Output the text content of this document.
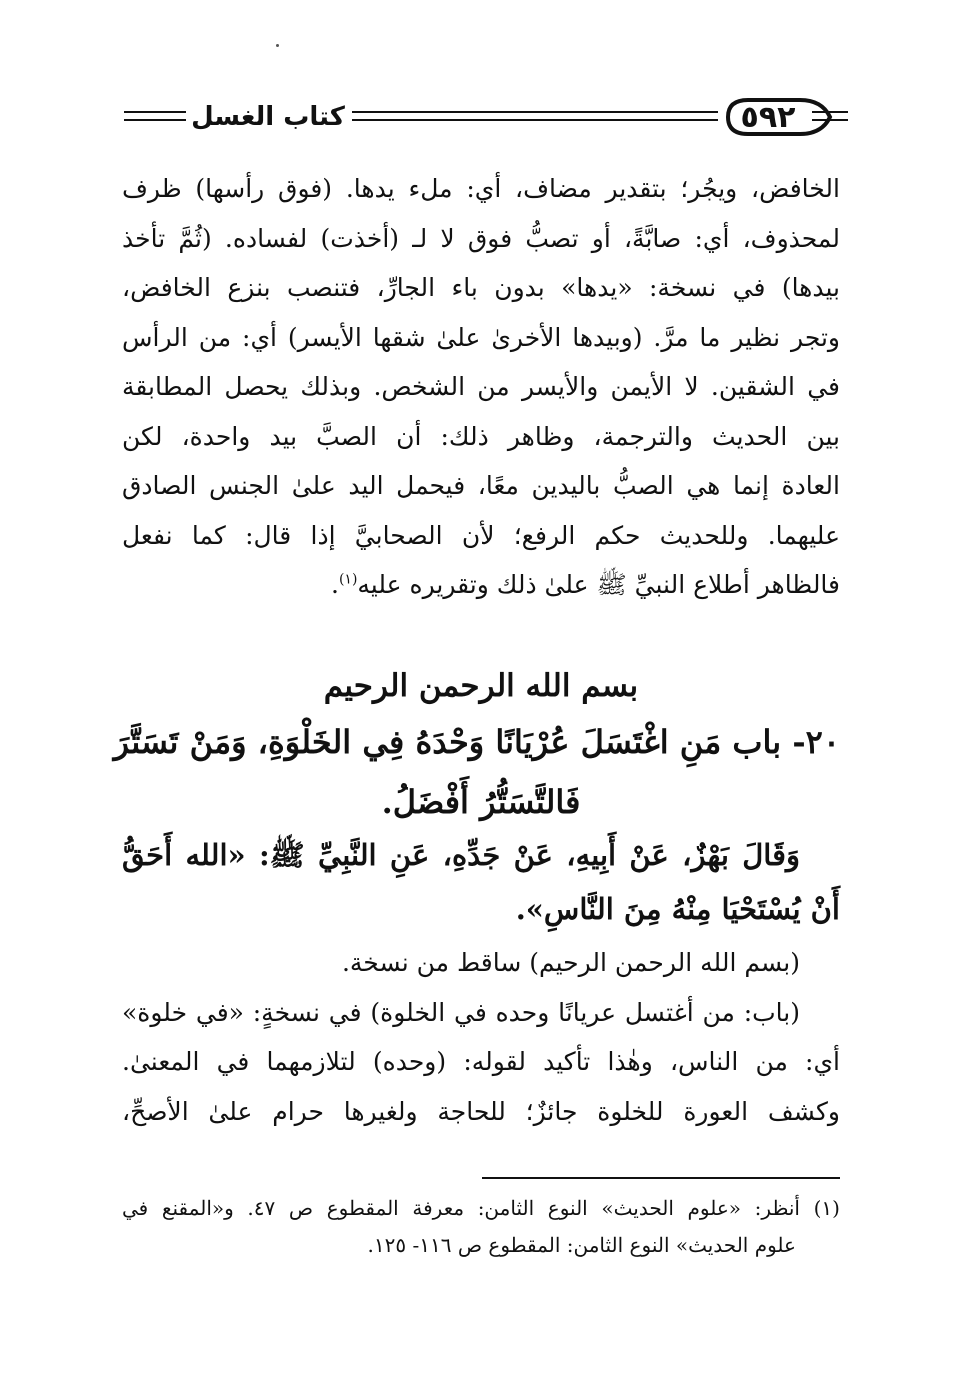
٥٩٢
كتاب الغسل
الخافض، ويجُر؛ بتقدير مضاف، أي: ملء يدها. (فوق رأسها) ظرف
لمحذوف، أي: صابَّةً، أو تصبُّ فوق لا لـ (أخذت) لفساده. (ثُمَّ تأخذ
بيدها) في نسخة: «يدها» بدون باء الجارِّ، فتنصب بنزع الخافض،
وتجر نظير ما مرَّ. (وبيدها الأخرىٰ علىٰ شقها الأيسر) أي: من الرأس
في الشقين. لا الأيمن والأيسر من الشخص. وبذلك يحصل المطابقة
بين الحديث والترجمة، وظاهر ذلك: أن الصبَّ بيد واحدة، لكن
العادة إنما هي الصبُّ باليدين معًا، فيحمل اليد علىٰ الجنس الصادق
عليهما. وللحديث حكم الرفع؛ لأن الصحابيَّ إذا قال: كما نفعل
فالظاهر أطلاع النبيِّ ﷺ علىٰ ذلك وتقريره عليه$^{(١)}$.
بسم الله الرحمن الرحيم
٢٠- باب مَنِ اغْتَسَلَ عُرْيَانًا وَحْدَهُ فِي الخَلْوَةِ، وَمَنْ تَسَتَّرَ
فَالتَّسَتُّرُ أَفْضَلُ.
وَقَالَ بَهْزٌ، عَنْ أَبِيهِ، عَنْ جَدِّهِ، عَنِ النَّبِيِّ ﷺ: «الله أَحَقُّ
أَنْ يُسْتَحْيَا مِنْهُ مِنَ النَّاسِ».
(بسم الله الرحمن الرحيم) ساقط من نسخة.
(باب: من أغتسل عريانًا وحده في الخلوة) في نسخةٍ: «في خلوة»
أي: من الناس، وهٰذا تأكيد لقوله: (وحده) لتلازمهما في المعنىٰ.
وكشف العورة للخلوة جائزٌ؛ للحاجة ولغيرها حرام علىٰ الأصحِّ،
(١) أنظر: «علوم الحديث» النوع الثامن: معرفة المقطوع ص ٤٧. و«المقنع في
علوم الحديث» النوع الثامن: المقطوع ص ١١٦- ١٢٥.
